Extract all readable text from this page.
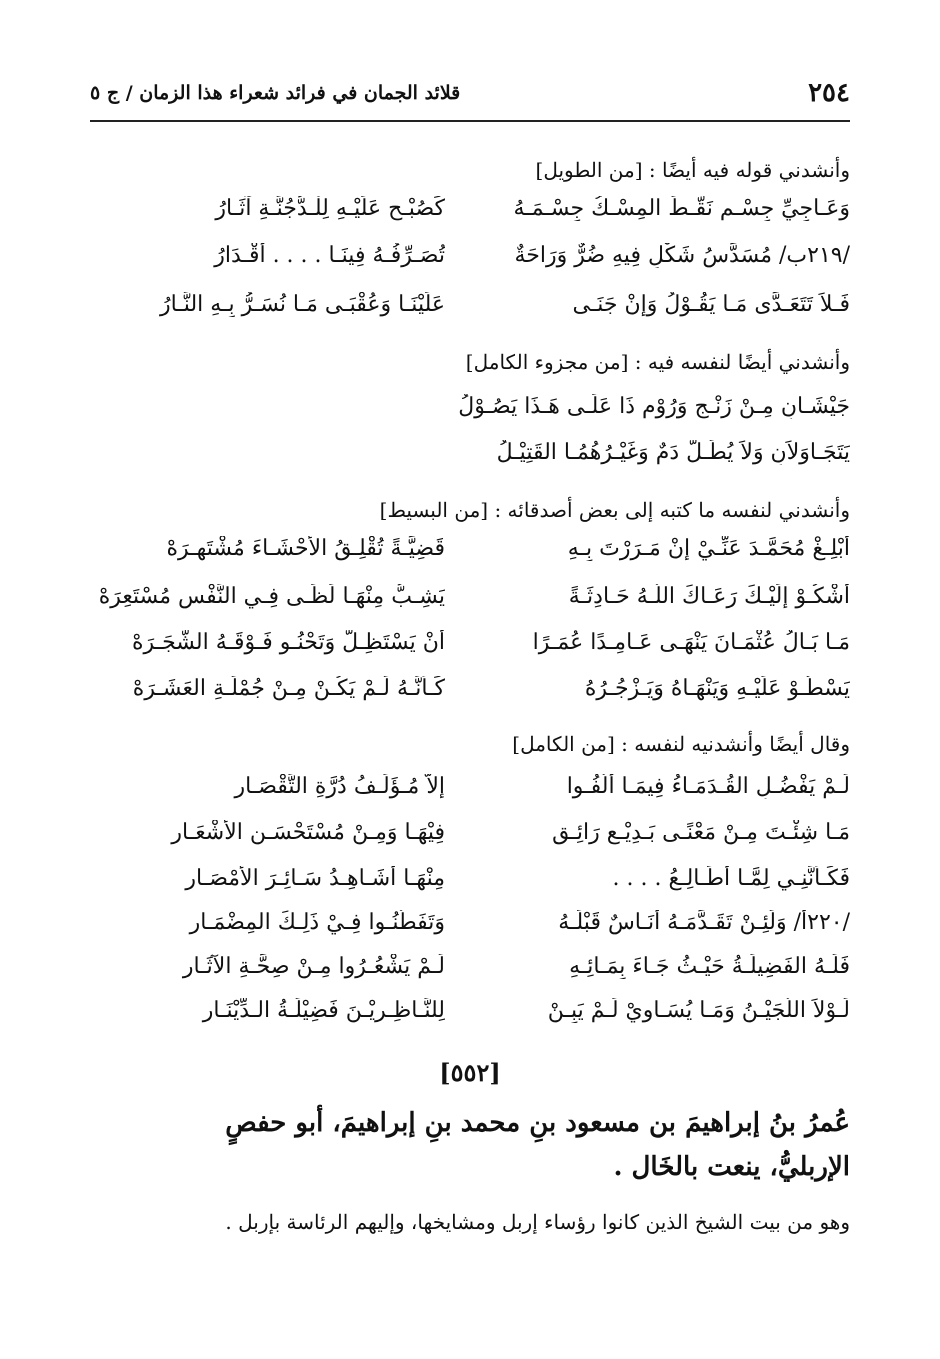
٢٥٤
قلائد الجمان في فرائد شعراء هذا الزمان / ج ٥
وأنشدني قوله فيه أيضًا : [من الطويل]
وَعَـاجِيِّ جِسْـمٍ نَقَّـطَ المِسْـكُ جِسْـمَـهُ
كَصُبْـحٍ عَلَيْـهِ لِلْـدُّجُنَّـةِ آثَـارُ
/٢١٩ب/ مُسَدَّسُ شَكْلٍ فِيهِ ضُرٌّ وَرَاحَةٌ
تُصَـرِّفُـهُ فِينَـا . . . . أَقْـدَارُ
فَـلاَ تَتَعَـدَّى مَـا يَقُـوْلُ وَإِنْ جَنَـى
عَلَيْنَـا وَعُقْبَـى مَـا نُسَـرُّ بِـهِ النَّـارُ
وأنشدني أيضًا لنفسه فيه : [من مجزوء الكامل]
جَيْشَـانِ مِـنْ زَنْـجٍ وَرُوْمٍ ذَا عَلَـى هَـذَا يَصُـوْلُ
يَتَجَـاوَلاَنِ وَلاَ يُطَـلُّ دَمٌ وَغَيْـرُهُمُـا القَتِيْـلُ
وأنشدني لنفسه ما كتبه إلى بعض أصدقائه : [من البسيط]
أَبْلِـغْ مُحَمَّـدَ عَنِّـيْ إِنْ مَـرَرْتَ بِـهِ
قَضِيَّـةً تُقْلِـقُ الأَحْشَـاءَ مُشْتَهِـرَهْ
أَشْكُـوْ إِلَيْـكَ رَعَـاكَ اللَّـهُ حَـادِثَـةً
يَشِـبُّ مِنْهَـا لَظَـى فِـي النَّفْسِ مُسْتَعِرَهْ
مَـا بَـالُ عُثْمَـانَ يَنْهَـى عَـامِـدًا عُمَـرًا
أَنْ يَسْتَظِـلَّ وَتَحْنُـو فَـوْقَـهُ الشَّجَـرَهْ
يَسْطُـوْ عَلَيْـهِ وَيَنْهَـاهُ وَيَـزْجُـرُهُ
كَـأَنَّـهُ لَـمْ يَكُـنْ مِـنْ جُمْلَـةِ العَشَـرَهْ
وقال أيضًا وأنشدنيه لنفسه : [من الكامل]
لَـمْ يَفْضُـلِ القُـدَمَـاءُ فِيمَـا أَلَّفُـوا
إِلاَّ مُـؤَلِّـفُ دُرَّةِ التَّقْصَـارِ
مَـا شِئْـتَ مِـنْ مَعْنًـى بَـدِيْـعٍ رَائِـقٍ
فِيْهَـا وَمِـنْ مُسْتَحْسَـنِ الأَشْعَـارِ
فَكَـأَنَّنِـي لِمَّـا أُطَـالِـعُ . . . .
مِنْهَـا أُشَـاهِـدُ سَـائِـرَ الأَمْصَـارِ
/٢٢٠أ/ وَلَئِـنْ تَقَـدَّمَـهُ أُنَـاسٌ قَبْلَـهُ
وَتَفَطَّنُـوا فِـيْ ذَلِـكَ المِضْمَـارِ
فَلَـهُ الفَضِيلَـةُ حَيْـثُ جَـاءَ بِمَـائِـهِ
لَـمْ يَشْعُـرُوا مِـنْ صِحَّـةِ الآثَـارِ
لَـوْلاَ اللُّجَيْـنُ وَمَـا يُسَـاوِيْ لَـمْ يَبِـنْ
لِلنَّـاظِـرِيْـنَ فَضِيْلَـةُ الـدِّيْنَـارِ
[٥٥٢]
عُمرُ بنُ إبراهيمَ بن مسعود بنِ محمد بنِ إبراهيمَ، أبو حفصٍ
الإربليُّ، ينعت بالخَال .
وهو من بيت الشيخ الذين كانوا رؤساء إربل ومشايخها، وإليهم الرئاسة بإربل .
